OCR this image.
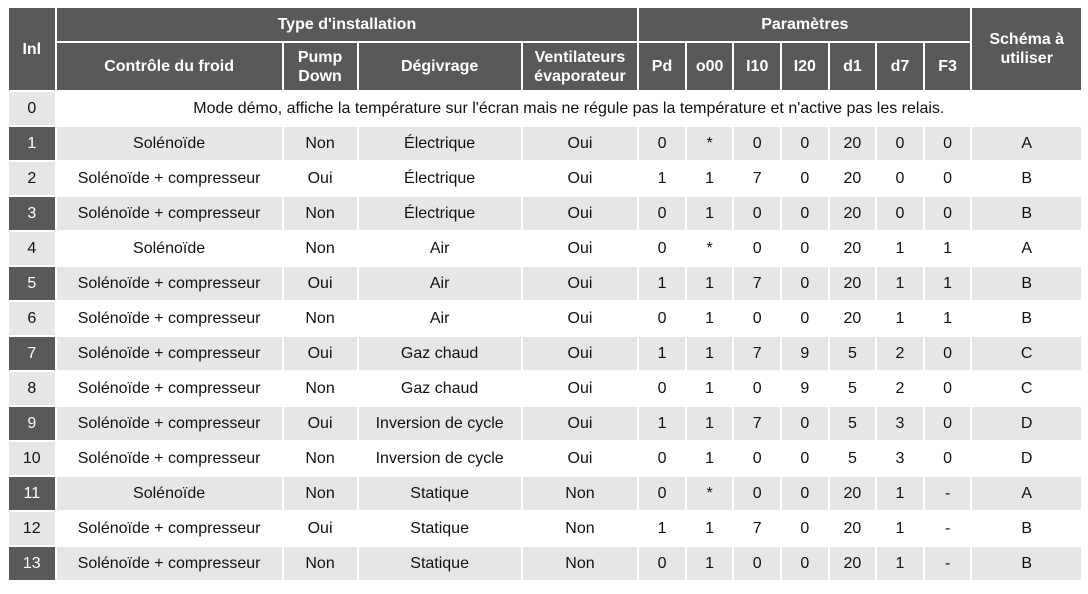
Inl	Type d'installation				Paramètres							Schéma à utiliser
	Contrôle du froid	Pump Down	Dégivrage	Ventilateurs évaporateur	Pd	o00	I10	I20	d1	d7	F3	
0	Mode démo, affiche la température sur l'écran mais ne régule pas la température et n'active pas les relais.											
1	Solénoïde	Non	Électrique	Oui	0	*	0	0	20	0	0	A
2	Solénoïde + compresseur	Oui	Électrique	Oui	1	1	7	0	20	0	0	B
3	Solénoïde + compresseur	Non	Électrique	Oui	0	1	0	0	20	0	0	B
4	Solénoïde	Non	Air	Oui	0	*	0	0	20	1	1	A
5	Solénoïde + compresseur	Oui	Air	Oui	1	1	7	0	20	1	1	B
6	Solénoïde + compresseur	Non	Air	Oui	0	1	0	0	20	1	1	B
7	Solénoïde + compresseur	Oui	Gaz chaud	Oui	1	1	7	9	5	2	0	C
8	Solénoïde + compresseur	Non	Gaz chaud	Oui	0	1	0	9	5	2	0	C
9	Solénoïde + compresseur	Oui	Inversion de cycle	Oui	1	1	7	0	5	3	0	D
10	Solénoïde + compresseur	Non	Inversion de cycle	Oui	0	1	0	0	5	3	0	D
11	Solénoïde	Non	Statique	Non	0	*	0	0	20	1	-	A
12	Solénoïde + compresseur	Oui	Statique	Non	1	1	7	0	20	1	-	B
13	Solénoïde + compresseur	Non	Statique	Non	0	1	0	0	20	1	-	B
